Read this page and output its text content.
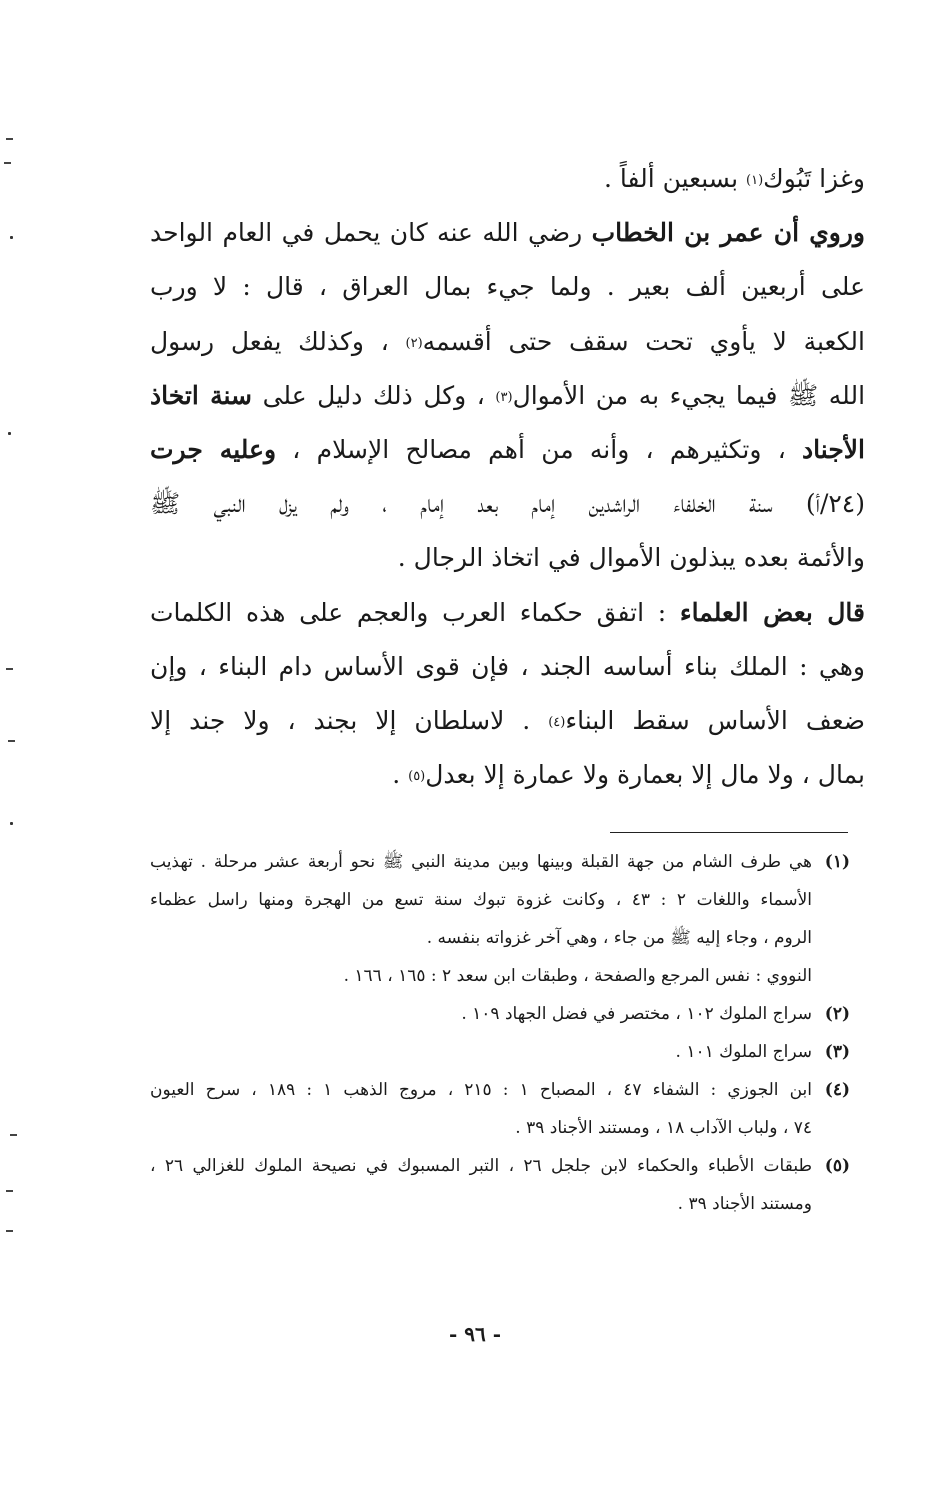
وغزا تَبُوك$^{(١)}$ بسبعين ألفاً .
وروي أن عمر بن الخطاب رضي الله عنه كان يحمل في العام الواحد
على أربعين ألف بعير . ولما جيء بمال العراق ، قال : لا ورب
الكعبة لا يأوي تحت سقف حتى أقسمه$^{(٢)}$ ، وكذلك يفعل رسول
الله ﷺ فيما يجيء به من الأموال$^{(٣)}$ ، وكل ذلك دليل على سنة اتخاذ
الأجناد ، وتكثيرهم ، وأنه من أهم مصالح الإسلام ، وعليه جرت
(٢٤/أ) سنة الخلفاء الراشدين إمام بعد إمام ، ولم يزل النبي ﷺ
والأئمة بعده يبذلون الأموال في اتخاذ الرجال .
قال بعض العلماء : اتفق حكماء العرب والعجم على هذه الكلمات
وهي : الملك بناء أساسه الجند ، فإن قوى الأساس دام البناء ، وإن
ضعف الأساس سقط البناء$^{(٤)}$ . لاسلطان إلا بجند ، ولا جند إلا
بمال ، ولا مال إلا بعمارة ولا عمارة إلا بعدل$^{(٥)}$ .
(١)
هي طرف الشام من جهة القبلة وبينها وبين مدينة النبي ﷺ نحو أربعة عشر مرحلة . تهذيب
الأسماء واللغات ٢ : ٤٣ ، وكانت غزوة تبوك سنة تسع من الهجرة ومنها راسل عظماء
الروم ، وجاء إليه ﷺ من جاء ، وهي آخر غزواته بنفسه .
النووي : نفس المرجع والصفحة ، وطبقات ابن سعد ٢ : ١٦٥ ، ١٦٦ .
(٢)
سراج الملوك ١٠٢ ، مختصر في فضل الجهاد ١٠٩ .
(٣)
سراج الملوك ١٠١ .
(٤)
ابن الجوزي : الشفاء ٤٧ ، المصباح ١ : ٢١٥ ، مروج الذهب ١ : ١٨٩ ، سرح العيون
٧٤ ، ولباب الآداب ١٨ ، ومستند الأجناد ٣٩ .
(٥)
طبقات الأطباء والحكماء لابن جلجل ٢٦ ، التبر المسبوك في نصيحة الملوك للغزالي ٢٦ ،
ومستند الأجناد ٣٩ .
- ٩٦ -
